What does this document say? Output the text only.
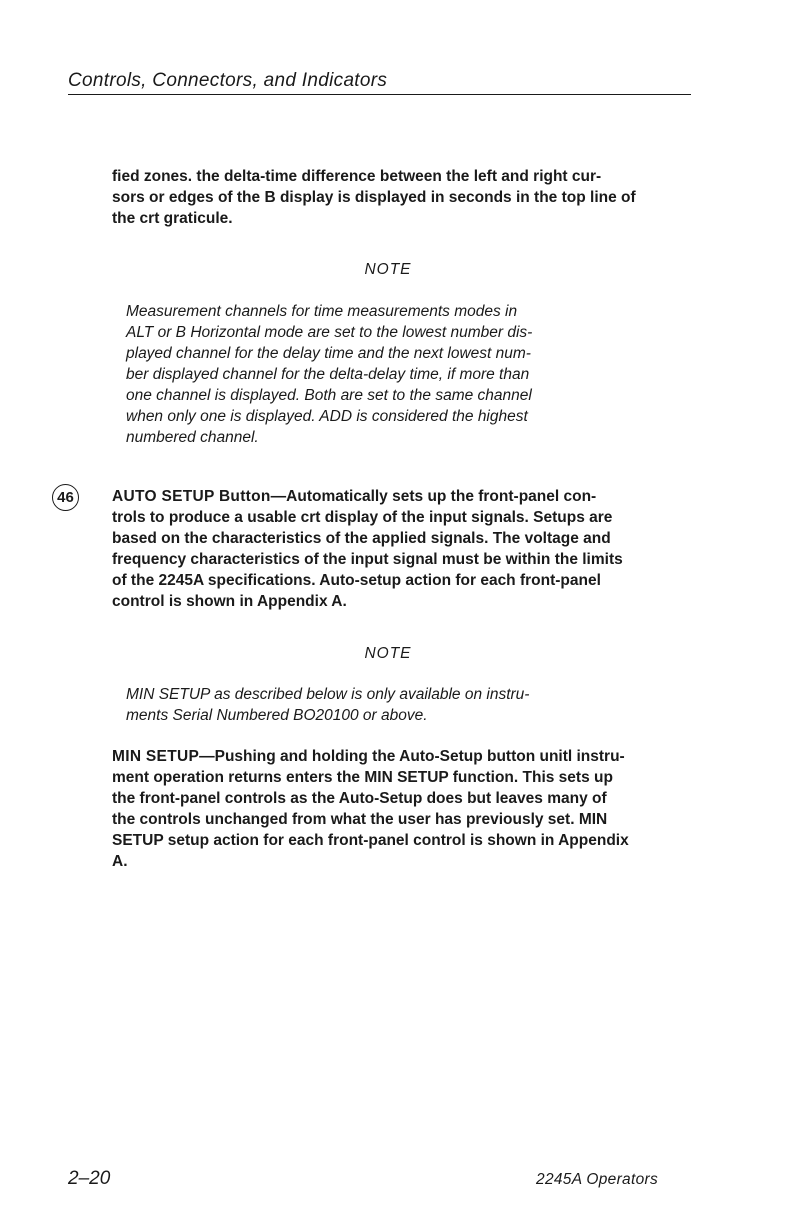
Controls, Connectors, and Indicators
fied zones. the delta-time difference between the left and right cur-
sors or edges of the B display is displayed in seconds in the top line of
the crt graticule.
NOTE
Measurement channels for time measurements modes in
ALT or B Horizontal mode are set to the lowest number dis-
played channel for the delay time and the next lowest num-
ber displayed channel for the delta-delay time, if more than
one channel is displayed. Both are set to the same channel
when only one is displayed. ADD is considered the highest
numbered channel.
46	AUTO SETUP Button—Automatically sets up the front-panel con-
trols to produce a usable crt display of the input signals. Setups are
based on the characteristics of the applied signals. The voltage and
frequency characteristics of the input signal must be within the limits
of the 2245A specifications. Auto-setup action for each front-panel
control is shown in Appendix A.
NOTE
MIN SETUP as described below is only available on instru-
ments Serial Numbered BO20100 or above.
MIN SETUP—Pushing and holding the Auto-Setup button unitl instru-
ment operation returns enters the MIN SETUP function. This sets up
the front-panel controls as the Auto-Setup does but leaves many of
the controls unchanged from what the user has previously set. MIN
SETUP setup action for each front-panel control is shown in Appendix
A.
2–20	2245A Operators
